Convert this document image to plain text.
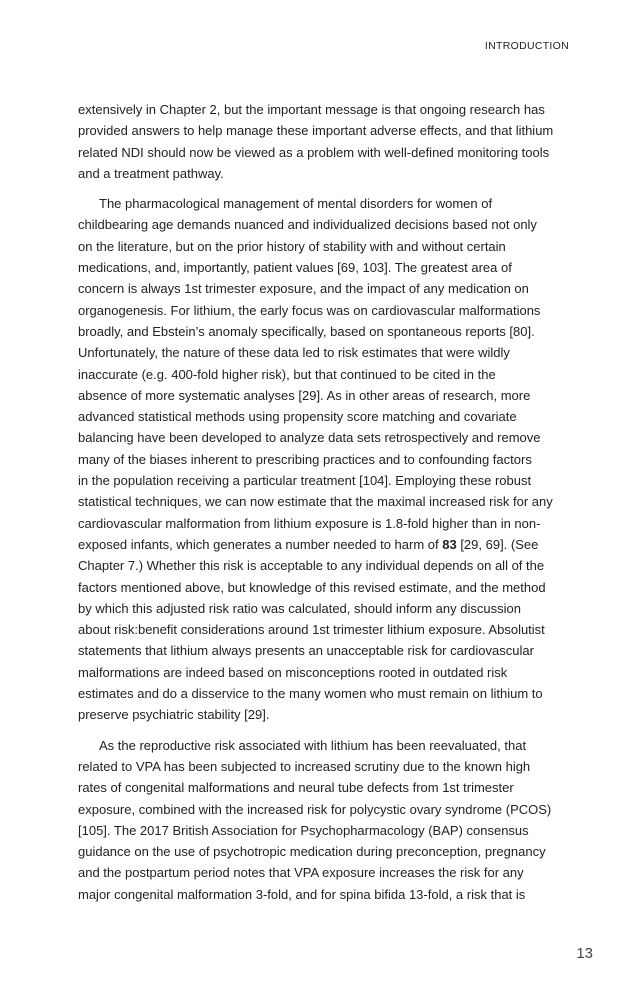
INTRODUCTION

extensively in Chapter 2, but the important message is that ongoing research has
provided answers to help manage these important adverse effects, and that lithium
related NDI should now be viewed as a problem with well-defined monitoring tools
and a treatment pathway.

The pharmacological management of mental disorders for women of
childbearing age demands nuanced and individualized decisions based not only
on the literature, but on the prior history of stability with and without certain
medications, and, importantly, patient values [69, 103]. The greatest area of
concern is always 1st trimester exposure, and the impact of any medication on
organogenesis. For lithium, the early focus was on cardiovascular malformations
broadly, and Ebstein’s anomaly specifically, based on spontaneous reports [80].
Unfortunately, the nature of these data led to risk estimates that were wildly
inaccurate (e.g. 400-fold higher risk), but that continued to be cited in the
absence of more systematic analyses [29]. As in other areas of research, more
advanced statistical methods using propensity score matching and covariate
balancing have been developed to analyze data sets retrospectively and remove
many of the biases inherent to prescribing practices and to confounding factors
in the population receiving a particular treatment [104]. Employing these robust
statistical techniques, we can now estimate that the maximal increased risk for any
cardiovascular malformation from lithium exposure is 1.8-fold higher than in non-
exposed infants, which generates a number needed to harm of 83 [29, 69]. (See
Chapter 7.) Whether this risk is acceptable to any individual depends on all of the
factors mentioned above, but knowledge of this revised estimate, and the method
by which this adjusted risk ratio was calculated, should inform any discussion
about risk:benefit considerations around 1st trimester lithium exposure. Absolutist
statements that lithium always presents an unacceptable risk for cardiovascular
malformations are indeed based on misconceptions rooted in outdated risk
estimates and do a disservice to the many women who must remain on lithium to
preserve psychiatric stability [29].

As the reproductive risk associated with lithium has been reevaluated, that
related to VPA has been subjected to increased scrutiny due to the known high
rates of congenital malformations and neural tube defects from 1st trimester
exposure, combined with the increased risk for polycystic ovary syndrome (PCOS)
[105]. The 2017 British Association for Psychopharmacology (BAP) consensus
guidance on the use of psychotropic medication during preconception, pregnancy
and the postpartum period notes that VPA exposure increases the risk for any
major congenital malformation 3-fold, and for spina bifida 13-fold, a risk that is

13
